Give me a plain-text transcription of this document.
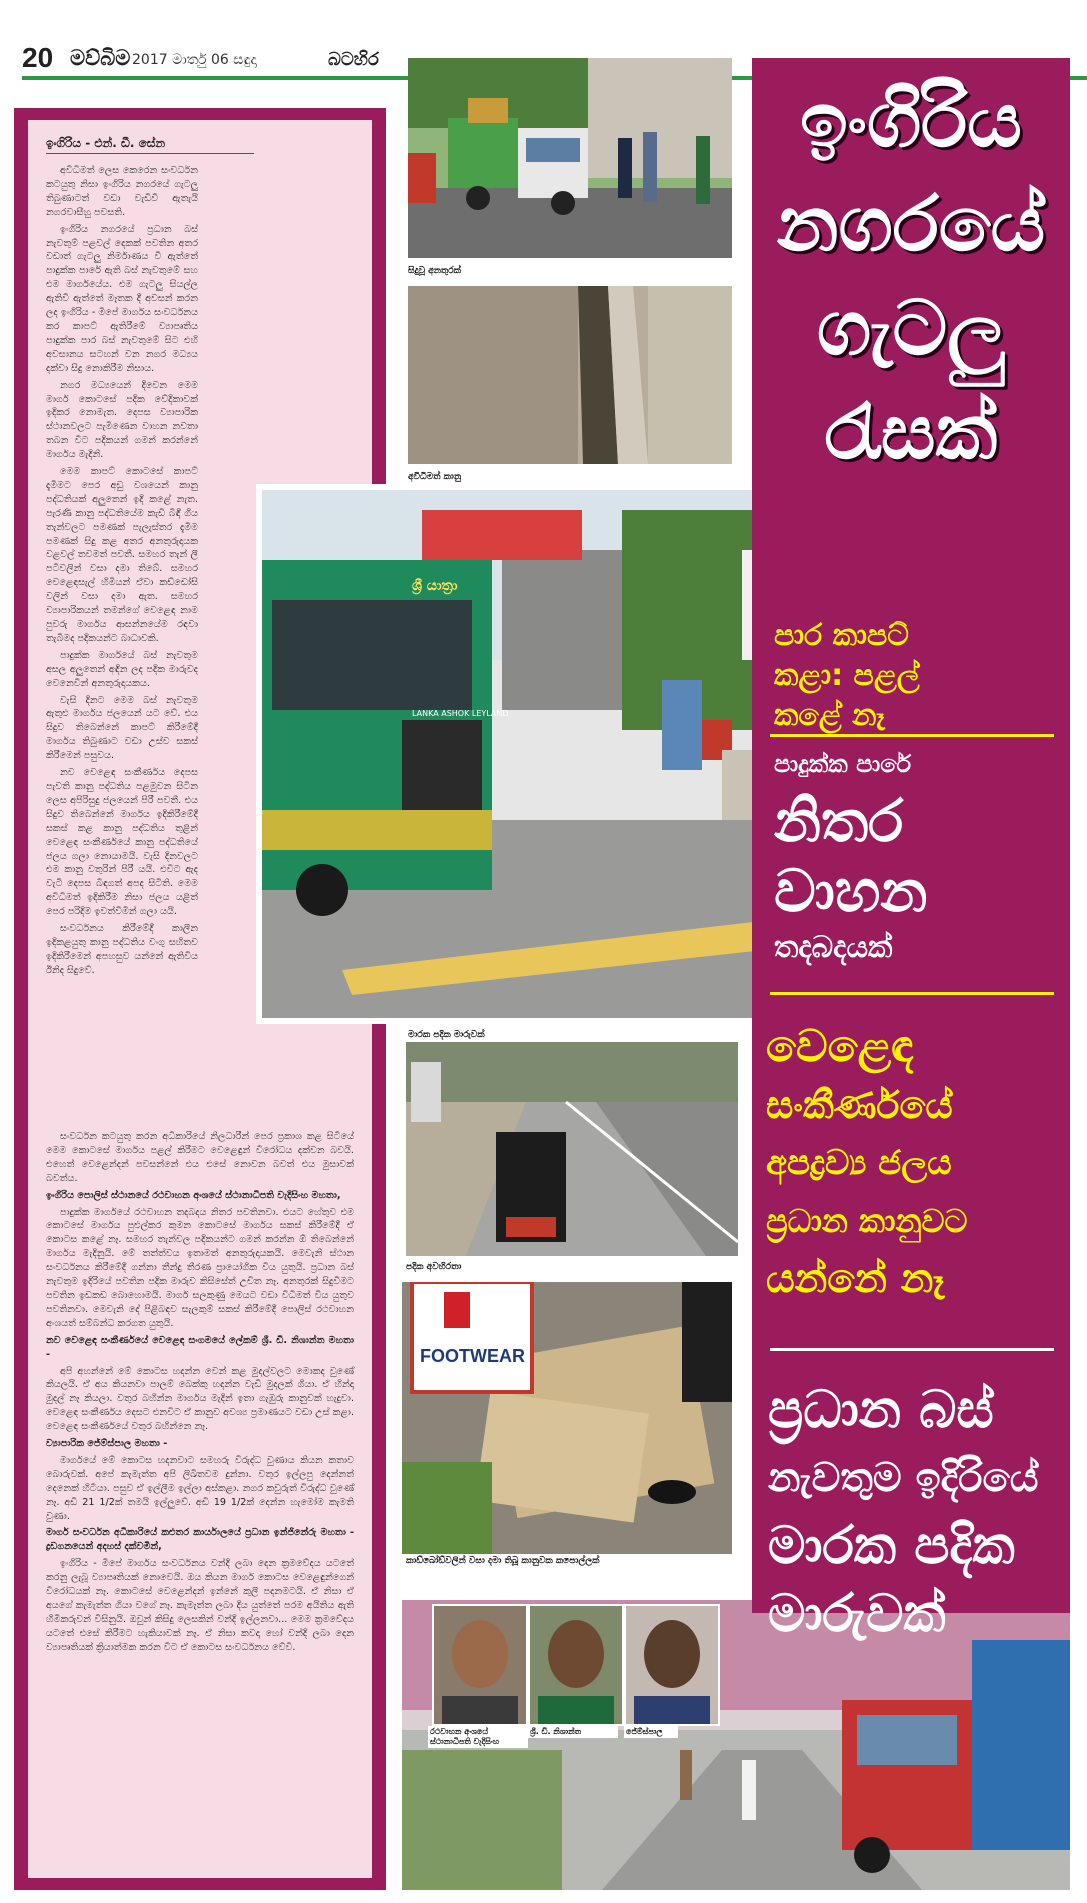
20 මව්බිම 2017 මාර්තු 06 සඳුදා	බටහිර
ඉංගිරිය - එන්. ඩී. සේන

අවිධිමත් ලෙස කෙරෙන සංවර්ධන කටයුතු නිසා ඉංගිරිය නගරයේ ගැටලු තිබුණාටත් වඩා වැඩිවී ඇතැයි නගරවාසීහු පවසති.

ඉංගිරිය නගරයේ ප්‍රධාන බස් නැවතුම් පළවල් දෙකක් පවතින අතර වඩාත් ගැටලු නිර්මාණය වී ඇත්තේ පාදුක්ක පාරේ ඇති බස් නැවතුමේ සහ එම මාර්ගයේය. එම ගැටලු සියල්ල ඇතිවී ඇත්තේ මෑතක දී අවසන් කරන ලද ඉංගිරිය - මීපේ මාර්ගය සංවර්ධනය කර කාපට් ඇතිරීමේ ව්‍යාපෘතිය පාදුක්ක පාර බස් නැවතුමේ සිට එහි අවසානය සටහන් වන නගර මධ්‍යය දක්වා සිදු නොකිරීම නිසාය.

නගර මධ්‍යයෙන් දිවෙන මෙම මාර්ග කොටසේ පදික වේදිකාවක් ඉදිකර නොමැත. දෙපස ව්‍යාපාරික ස්ථානවලට පැමිණෙන වාහන නවතා තබන විට පදිකයන් ගමන් කරන්නේ මාර්ගය මැදිනි.

මෙම කාපට් කොටසේ කාපට් දැමීමට පෙර අඩු වශයෙන් කානු පද්ධතියක් අලුතෙන් ඉදි කළේ නැත. පැරණි කානු පද්ධතියේම කැඩී බිඳී ගිය තැන්වලට පමණක් පැලැස්තර දැමීම පමණක් සිදු කළ අතර අනතුරුදායක වළවල් තවමත් පවතී. සමහර තැන් ලී පටිවලින් වසා දමා තිබේ. සමහර වෙළෙඳසැල් හිමියන් ඒවා කඩ්ඩෝසි වලින් වසා දමා ඇත. සමහර ව්‍යාපාරිකයන් තමන්ගේ වෙළෙඳ නාම පුවරු මාර්ගය ආසන්නයේම රඳවා තැබීමද පදිකයන්ට බාධාවකි.

පාදුක්ක මාර්ගයේ බස් නැවතුම අසල අලුතෙන් අඳින ලද පදික මාරුවද වෙනෙවින් අනතුරුදායකය.

වැසි දිනට මෙම බස් නැවතුම ඇතුළු මාර්ගය ජලයෙන් යට වේ. එය සිදුව තිබෙන්නේ කාපට් කිරීමේදී මාර්ගය තිබුණාට වඩා උස්ව සකස් කිරීමෙන් පසුවය.

නව වෙළෙඳ සංකීර්ණය දෙපස පැවති කානු පද්ධතිය පළමුවන සිටින ලෙස අපිරිසුදු ජලයෙන් පිරී පවතී. එය සිදුව තිබෙන්නේ මාර්ගය ඉදිකිරීමේදී සකස් කළ කානු පද්ධතිය තුළින් වෙළෙඳ සංකීර්ණයේ කානු පද්ධතියේ ජලය ගලා නොයාමයි. වැසි දිනවලට එම කානු වතුරින් පිරී යයි. එවිට ඇද වැටී දෙපස බිඳගත් අපද සිටිති. මෙම අවිධිමත් ඉදිකිරීම නිසා ජලය යළිත් පෙර පරිදිම ඉවත්වීමින් ගලා යයි.

සංවර්ධනය කිරීමේදී කාලීන ඉදිකළයුතු කානු පද්ධතිය වංගු සහිතව ඉදිකිරීමෙන් අපහසුව යන්නේ ඇතිවිය ඊනිද සිදුවේ.

සංවර්ධන කටයුතු කරන අධිකාරියේ නිලධාරීන් පෙර ප්‍රකාශ කළ සිටියේ මෙම කොටසේ මාර්ගය පළල් කිරීමට වෙළෙඳුන් විරෝධය දක්වන බවයි. එහෙත් වෙළෙන්දන් පවසන්නේ එය එසේ නොවන බවත් එය මුසාවක් බවත්ය.

ඉංගිරිය පොලිස් ස්ථානයේ රථවාහන අංශයේ ස්ථානාධිපති වැදිසිංහ මහතා,

පාදුක්ක මාර්ගයේ රථවාහන තදබදය නිතර පවතිනවා. එයට හේතුව එම කොටසේ මාර්ගය පුළුල්කර කුමන කොටසේ මාර්ගය සකස් කිරීමේදී ඒ කොටස කළේ නෑ. සමහර තැන්වල පදිකයන්ට ගමන් කරන්න ඕ තිබෙන්නේ මාර්ගය මැදිනුයි. මේ තත්ත්වය ඉතාමත් අනතුරුදායකයි. මෙවැනි ස්ථාන සංවර්ධනය කිරීමේදී ගන්නා තීන්දු තීරණ ප්‍රායෝගික විය යුතුයි. ප්‍රධාන බස් නැවතුම ඉදිරියේ පවතින පදික මාරුව කිසිසේත් උචිත නෑ. අනතුරක් සිදුවීමට පවතින ඉඩකඩ බොහොමයි. මාර්ග සලකුණු මෙයට වඩා විධිමත් විය යුතුව පවතිනවා. මෙවැනි දේ පිළිබඳව සැලකුම් සකස් කිරීමේදී පොලිස් රථවාහන අංශයත් සම්බන්ධ කරගත යුතුයි.

නව වෙළෙඳ සංකීර්ණයේ වෙළෙඳ සංගමයේ ලේකම් ශ්‍රී. ඩී. නිශාන්ත මහතා -

අපි අහන්නේ මේ කොටස හදන්න වෙන් කළ මුදල්වලට මොකද වුණේ කියලයි. ඒ අය කියනවා පාලම් බෙක්කු හදන්න වැඩි මුදලක් ගියා. ඒ හින්දා මුදල් නෑ කියලා. වතුර බහින්න මාර්ගය මැදින් ඉතා ගැඹුරු කානුවක් හැදුවා. වෙළෙඳ සංකීර්ණය දෙසට එනවිට ඒ කානුව අවශ්‍ය ප්‍රමාණයට වඩා උස් කළා. වෙළෙඳ සංකීර්ණයේ වතුර බහින්නෙ නෑ.

ව්‍යාපාරික ජේම්ස්පාල මහතා -

මාර්ගයේ මේ කොටස හදනවාට සමහරු විරුද්ධ වුණාය කියන කතාව බොරුවක්. අපේ කැමැත්ත අපි ලිඛිතවම දුන්නා. වතුර ඉල්ලපු දෙන්නත් දෙනෙක් හිටියා. පසුව ඒ ඉල්ලීම ඉල්ලා අස්කළා. නගර කවුරුත් විරුද්ධ වුණේ නෑ. අඩි 21 1/2ක් තමයි ඉල්ලුවේ. අඩි 19 1/2ක් දෙන්න හැමෝම කැමති වුණා.

මාර්ග සංවර්ධන අධිකාරියේ කළුතර කාර්යාලයේ ප්‍රධාන ඉන්ජිනේරු මහතා - ද්‍රඩගනයෙන් අදහස් දක්වමින්,

ඉංගිරිය - මීපේ මාර්ගය සංවර්ධනය වන්දි ලබා දෙන ක්‍රමවේදය යටතේ කරනු ලැබූ ව්‍යාපෘතියක් නොවෙයි. ඔය කියන මාර්ග කොටස වෙළෙඳුන්ගෙන් විරෝධයක් නෑ. කොටසේ වෙළෙන්දන් ඉන්නේ කුලී පදනමටයි. ඒ නිසා ඒ අයගේ කැමැත්ත ගියා වගේ නෑ. කැමැත්ත ලබා දිය යුත්තේ පරම අයිතිය ඇති හිමිකරුවන් විසිනුයි. ඔවුන් කිසිදු ලෙසකින් වන්දි ඉල්ලනවා... මෙම ක්‍රමවේදය යටතේ එසේ කිරීමට හැකියාවක් නෑ. ඒ නිසා කවදා හෝ වන්දි ලබා දෙන ව්‍යාපෘතියක් ක්‍රියාත්මක කරන විට ඒ කොටස සංවර්ධනය වේවි.

සිදුවූ අනතුරක්
අවිධිමත් කානු
ශ්‍රී යාත්‍රා
LANKA ASHOK LEYLAND
මාරක පදික මාරුවක්
පදික අවහිරතා
FOOTWEAR
කාඩ්බෝඩ්වලින් වසා දමා තිබූ කානුවක කපොල්ලක්
රථවාහන අංශයේ ස්ථානාධිපති වැදිසිංහ
ශ්‍රී. ඩී. නිශාන්ත	ජේම්ස්පාල
ඉංගිරිය
නගරයේ
ගැටලු
රැසක්
පාර කාපට්
කළා: පළල්
කළේ නෑ
පාදුක්ක පාරේ
නිතර
වාහන
තදබදයක්
වෙළෙඳ
සංකීර්ණයේ
අපද්‍රව්‍ය ජලය
ප්‍රධාන කානුවට
යන්නේ නෑ
ප්‍රධාන බස්
නැවතුම ඉදිරියේ
මාරක පදික
මාරුවක්
